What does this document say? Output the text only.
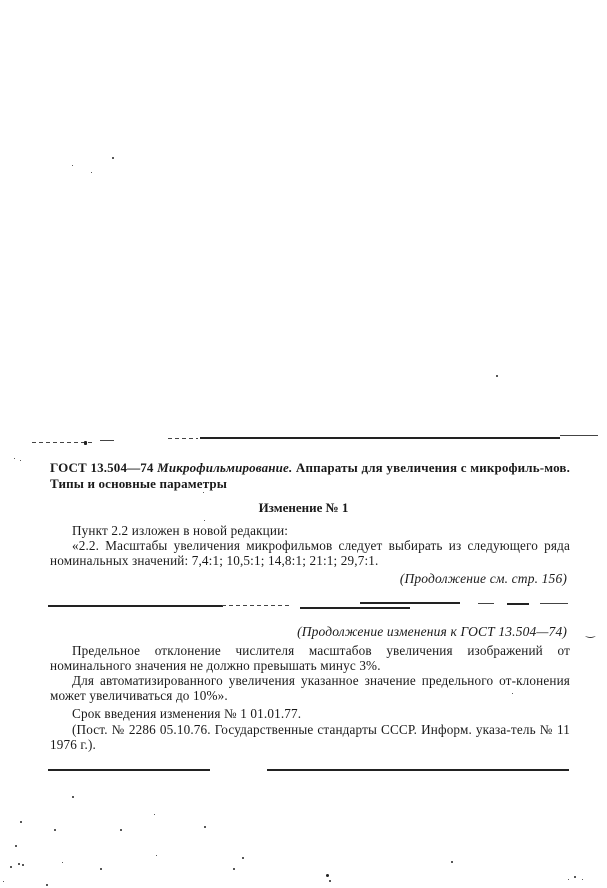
ГОСТ 13.504—74 Микрофильмирование. Аппараты для увеличения с микрофиль-мов. Типы и основные параметры
Изменение № 1
Пункт 2.2 изложен в новой редакции:
«2.2. Масштабы увеличения микрофильмов следует выбирать из следующего ряда номинальных значений: 7,4:1; 10,5:1; 14,8:1; 21:1; 29,7:1.
(Продолжение см. стр. 156)
(Продолжение изменения к ГОСТ 13.504—74) ‿
Предельное отклонение числителя масштабов увеличения изображений от номинального значения не должно превышать минус 3%.
Для автоматизированного увеличения указанное значение предельного от-клонения может увеличиваться до 10%».
Срок введения изменения № 1 01.01.77.
(Пост. № 2286 05.10.76. Государственные стандарты СССР. Информ. указа-тель № 11 1976 г.).
